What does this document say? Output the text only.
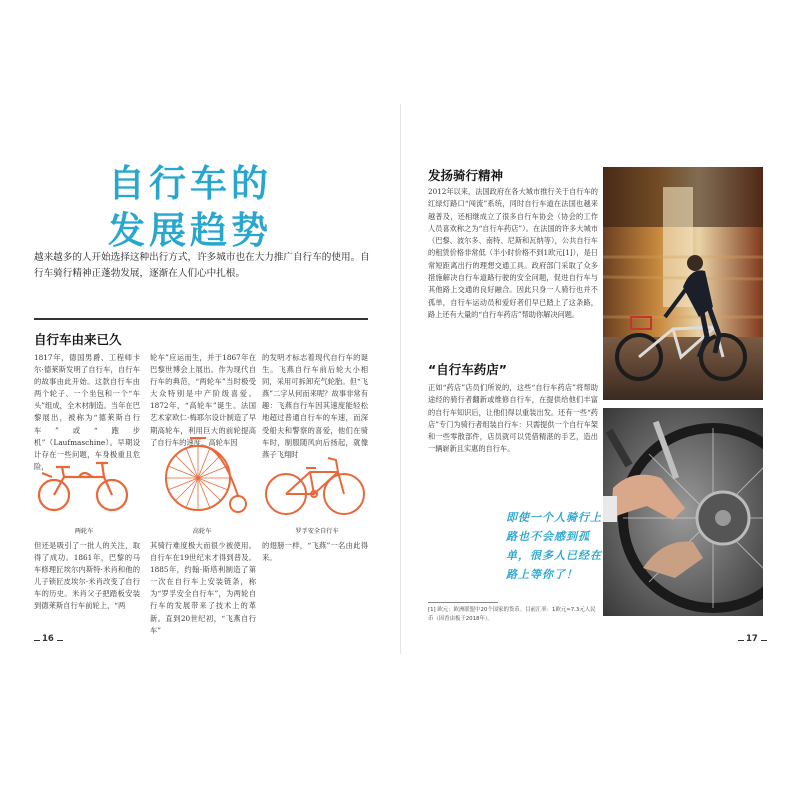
自行车的
发展趋势
越来越多的人开始选择这种出行方式，许多城市也在大力推广自行车的使用。自行车骑行精神正蓬勃发展，逐渐在人们心中扎根。
自行车由来已久
1817年，德国男爵、工程师卡尔·德莱斯发明了自行车，自行车的故事由此开始。这款自行车由两个轮子、一个坐包和一个“车头”组成，全木材制造。当年在巴黎展出，被称为“德莱斯自行车”或“跑步机”（Laufmaschine）。早期设计存在一些问题，车身极重且危险，
轮车”应运而生，并于1867年在巴黎世博会上展出。作为现代自行车的典范，“两轮车”当时极受大众特别是中产阶级喜爱。1872年，“高轮车”诞生。法国艺术家欧仁·梅耶尔设计制造了早期高轮车，利用巨大的前轮提高了自行车的速度，高轮车因
的发明才标志着现代自行车的诞生。飞燕自行车前后轮大小相同，采用可拆卸充气轮胎。但“飞燕”二字从何而来呢？故事非常有趣：飞燕自行车因其速度能轻松地超过普通自行车的车速，而深受船夫和警察的喜爱，他们在骑车时，制服随风向后扬起，就像燕子飞翔时
两轮车	高轮车	罗孚安全自行车
但还是吸引了一批人的关注，取得了成功。1861年，巴黎的马车修理匠埃尔内斯特·米肖和他的儿子锁匠皮埃尔·米肖改变了自行车的历史。米肖父子把踏板安装到德莱斯自行车前轮上，“两
其骑行难度极大而很少被使用。自行车在19世纪末才得到普及。1885年，约翰·斯塔利制造了第一次在自行车上安装链条，称为“罗孚安全自行车”，为两轮自行车的发展带来了技术上的革新。直到20世纪初，“飞燕自行车”
的翅膀一样，“飞燕”一名由此得来。
16
发扬骑行精神
2012年以来，法国政府在各大城市推行关于自行车的红绿灯路口“闯流”系统，同时自行车道在法国也越来越普及，还相继成立了很多自行车协会（协会的工作人员喜欢称之为“自行车药店”）。在法国的许多大城市（巴黎、波尔多、南特、尼斯和瓦纳等），公共自行车的租赁价格非常低（半小时价格不到1欧元[1]），是日常短距离出行的理想交通工具。政府部门采取了众多措施解决自行车道路行驶的安全问题，促进自行车与其他路上交通的良好融合。因此只身一人骑行也并不孤单，自行车运动员和爱好者们早已踏上了这条路，路上还有大量的“自行车药店”帮助你解决问题。
“自行车药店”
正如“药店”店员们所说的，这些“自行车药店”将帮助途经的骑行者翻新或维修自行车，在提供给他们丰富的自行车知识后，让他们得以重装出发。还有一些“药店”专门为骑行者组装自行车：只需提供一个自行车架和一些零散部件，店员就可以凭借精湛的手艺，造出一辆崭新且实惠的自行车。
即使一个人骑行上路也不会感到孤单，很多人已经在路上等你了！
[1] 欧元：欧洲联盟中20个国家的货币。目前汇率：1欧元≈7.3元人民币（因香由板于2018年）。
17
